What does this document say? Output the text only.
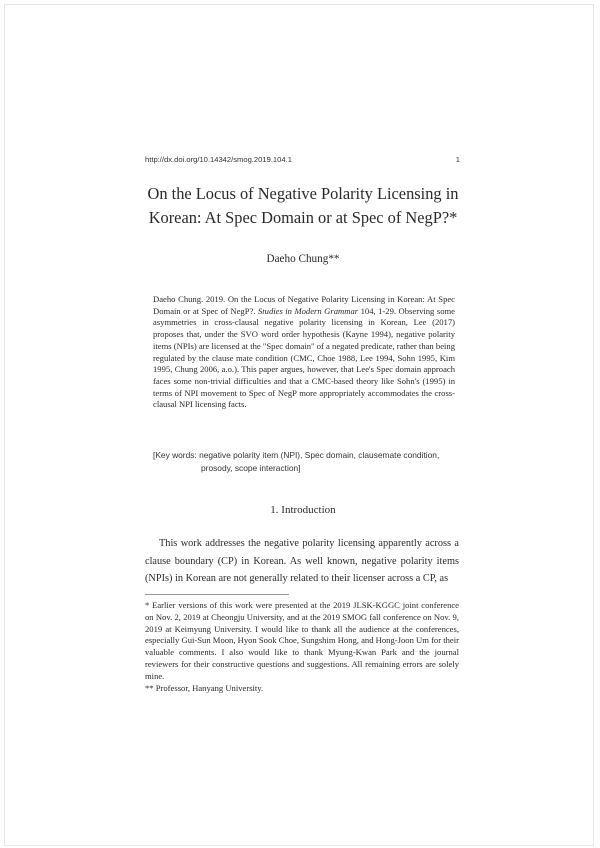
http://dx.doi.org/10.14342/smog.2019.104.1	1
On the Locus of Negative Polarity Licensing in
Korean: At Spec Domain or at Spec of NegP?*
Daeho Chung**
Daeho Chung. 2019. On the Locus of Negative Polarity Licensing in Korean: At Spec Domain or at Spec of NegP?. Studies in Modern Grammar 104, 1-29. Observing some asymmetries in cross-clausal negative polarity licensing in Korean, Lee (2017) proposes that, under the SVO word order hypothesis (Kayne 1994), negative polarity items (NPIs) are licensed at the "Spec domain" of a negated predicate, rather than being regulated by the clause mate condition (CMC, Choe 1988, Lee 1994, Sohn 1995, Kim 1995, Chung 2006, a.o.). This paper argues, however, that Lee's Spec domain approach faces some non-trivial difficulties and that a CMC-based theory like Sohn's (1995) in terms of NPI movement to Spec of NegP more appropriately accommodates the cross-clausal NPI licensing facts.
[Key words: negative polarity item (NPI), Spec domain, clausemate condition,
prosody, scope interaction]
1. Introduction
This work addresses the negative polarity licensing apparently across a clause boundary (CP) in Korean. As well known, negative polarity items (NPIs) in Korean are not generally related to their licenser across a CP, as

* Earlier versions of this work were presented at the 2019 JLSK-KGGC joint conference on Nov. 2, 2019 at Cheongju University, and at the 2019 SMOG fall conference on Nov. 9, 2019 at Keimyung University. I would like to thank all the audience at the conferences, especially Gui-Sun Moon, Hyon Sook Choe, Sungshim Hong, and Hong-Joon Um for their valuable comments. I also would like to thank Myung-Kwan Park and the journal reviewers for their constructive questions and suggestions. All remaining errors are solely mine.

** Professor, Hanyang University.
